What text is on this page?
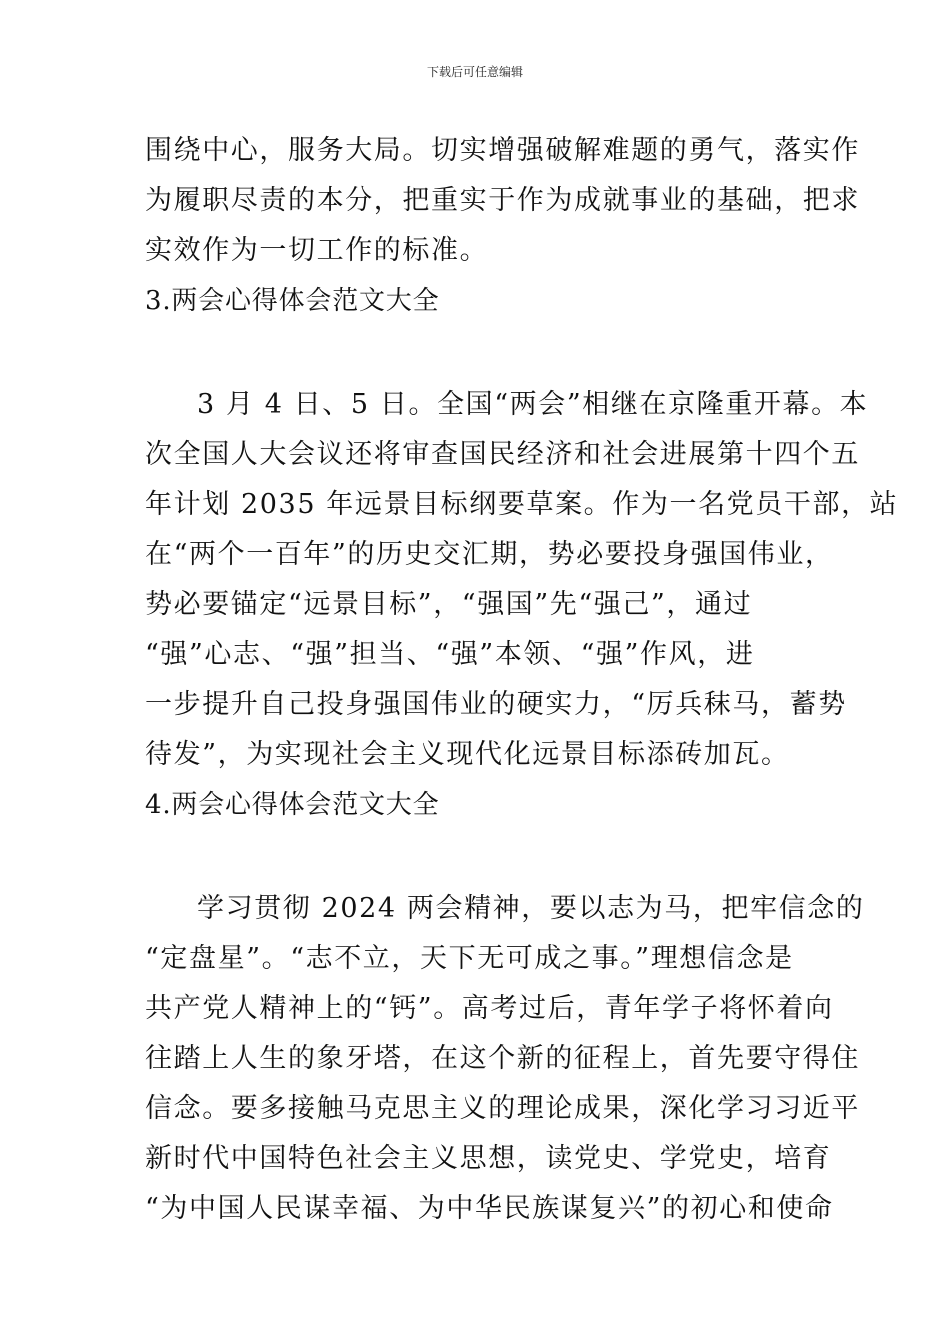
下载后可任意编辑
围绕中心，服务大局。切实增强破解难题的勇气，落实作
为履职尽责的本分，把重实于作为成就事业的基础，把求
实效作为一切工作的标准。
3.两会心得体会范文大全
3 月 4 日、5 日。全国“两会”相继在京隆重开幕。本
次全国人大会议还将审查国民经济和社会进展第十四个五
年计划 2035 年远景目标纲要草案。作为一名党员干部，站
在“两个一百年”的历史交汇期，势必要投身强国伟业，
势必要锚定“远景目标”，“强国”先“强己”，通过
“强”心志、“强”担当、“强”本领、“强”作风，进
一步提升自己投身强国伟业的硬实力，“厉兵秣马，蓄势
待发”，为实现社会主义现代化远景目标添砖加瓦。
4.两会心得体会范文大全
学习贯彻 2024 两会精神，要以志为马，把牢信念的
“定盘星”。“志不立，天下无可成之事。”理想信念是
共产党人精神上的“钙”。高考过后，青年学子将怀着向
往踏上人生的象牙塔，在这个新的征程上，首先要守得住
信念。要多接触马克思主义的理论成果，深化学习习近平
新时代中国特色社会主义思想，读党史、学党史，培育
“为中国人民谋幸福、为中华民族谋复兴”的初心和使命
